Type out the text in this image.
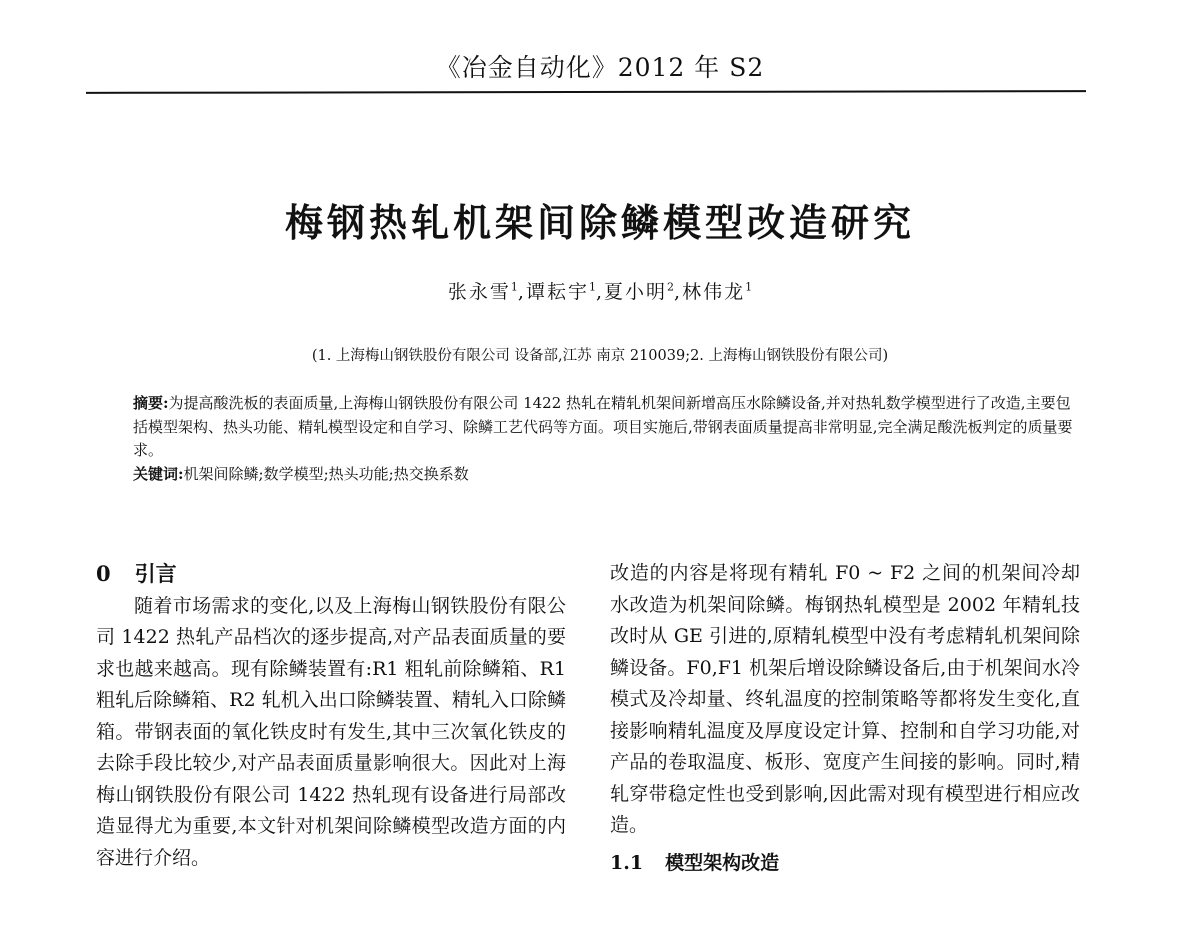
《冶金自动化》2012 年 S2
梅钢热轧机架间除鳞模型改造研究
张永雪$^1$,谭耘宇$^1$,夏小明$^2$,林伟龙$^1$
(1. 上海梅山钢铁股份有限公司 设备部,江苏 南京 210039;2. 上海梅山钢铁股份有限公司)

摘要:为提高酸洗板的表面质量,上海梅山钢铁股份有限公司 1422 热轧在精轧机架间新增高压水除鳞设备,并对热轧数学模型进行了改造,主要包括模型架构、热头功能、精轧模型设定和自学习、除鳞工艺代码等方面。项目实施后,带钢表面质量提高非常明显,完全满足酸洗板判定的质量要求。

关键词:机架间除鳞;数学模型;热头功能;热交换系数

0 引言

随着市场需求的变化,以及上海梅山钢铁股份有限公司 1422 热轧产品档次的逐步提高,对产品表面质量的要求也越来越高。现有除鳞装置有:R1 粗轧前除鳞箱、R1 粗轧后除鳞箱、R2 轧机入出口除鳞装置、精轧入口除鳞箱。带钢表面的氧化铁皮时有发生,其中三次氧化铁皮的去除手段比较少,对产品表面质量影响很大。因此对上海梅山钢铁股份有限公司 1422 热轧现有设备进行局部改造显得尤为重要,本文针对机架间除鳞模型改造方面的内容进行介绍。

改造的内容是将现有精轧 F0 ~ F2 之间的机架间冷却水改造为机架间除鳞。梅钢热轧模型是 2002 年精轧技改时从 GE 引进的,原精轧模型中没有考虑精轧机架间除鳞设备。F0,F1 机架后增设除鳞设备后,由于机架间水冷模式及冷却量、终轧温度的控制策略等都将发生变化,直接影响精轧温度及厚度设定计算、控制和自学习功能,对产品的卷取温度、板形、宽度产生间接的影响。同时,精轧穿带稳定性也受到影响,因此需对现有模型进行相应改造。

1.1 模型架构改造
